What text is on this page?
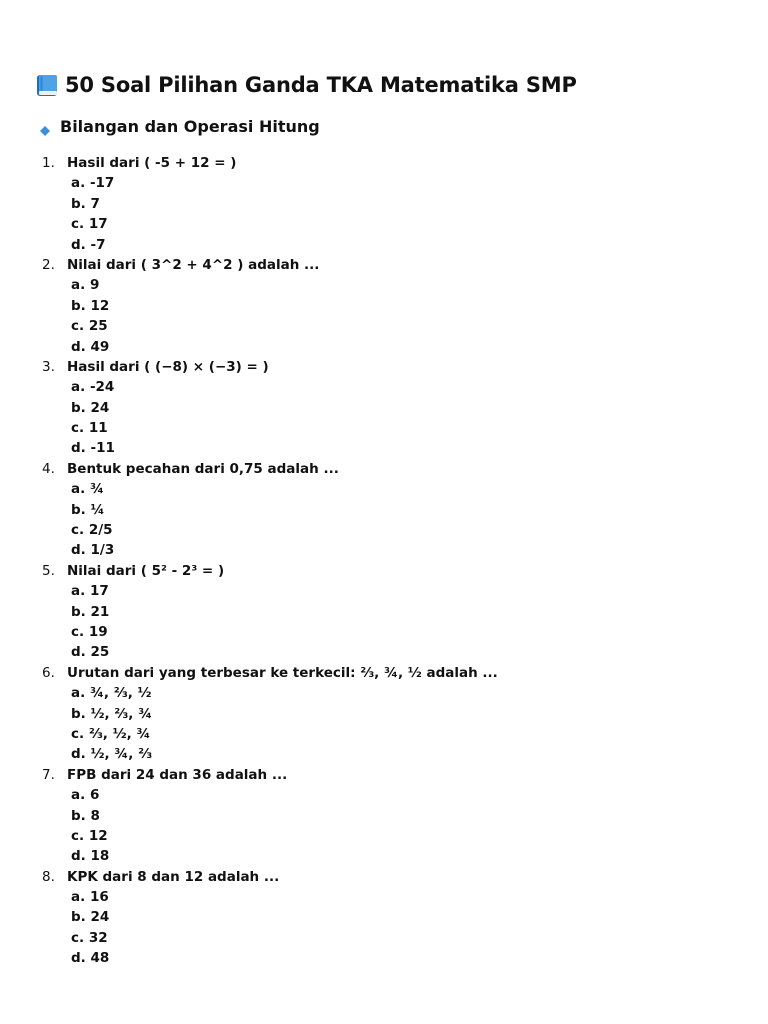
50 Soal Pilihan Ganda TKA Matematika SMP
Bilangan dan Operasi Hitung
1. Hasil dari ( -5 + 12 = )
a. -17
b. 7
c. 17
d. -7
2. Nilai dari ( 3^2 + 4^2 ) adalah ...
a. 9
b. 12
c. 25
d. 49
3. Hasil dari ( (−8) × (−3) = )
a. -24
b. 24
c. 11
d. -11
4. Bentuk pecahan dari 0,75 adalah ...
a. ¾
b. ¼
c. 2/5
d. 1/3
5. Nilai dari ( 5² - 2³ = )
a. 17
b. 21
c. 19
d. 25
6. Urutan dari yang terbesar ke terkecil: ⅔, ¾, ½ adalah ...
a. ¾, ⅔, ½
b. ½, ⅔, ¾
c. ⅔, ½, ¾
d. ½, ¾, ⅔
7. FPB dari 24 dan 36 adalah ...
a. 6
b. 8
c. 12
d. 18
8. KPK dari 8 dan 12 adalah ...
a. 16
b. 24
c. 32
d. 48
